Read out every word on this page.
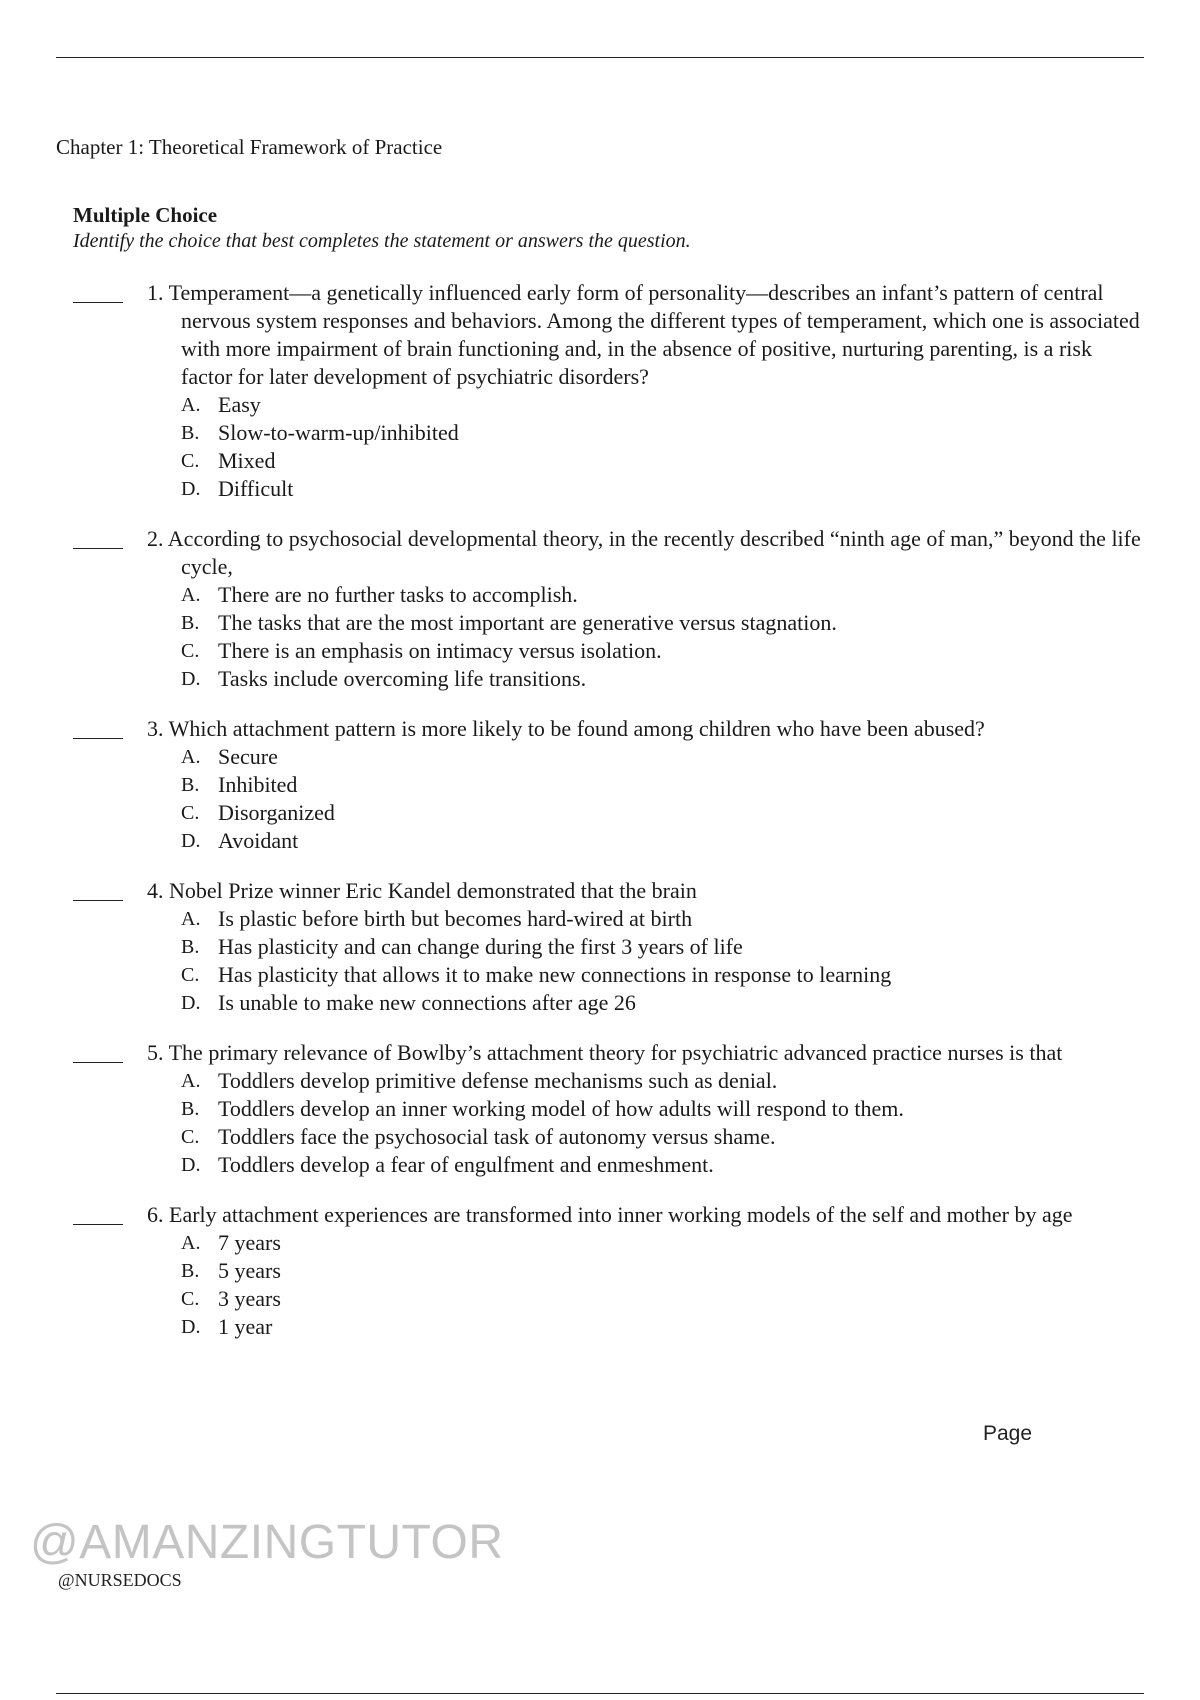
Chapter 1: Theoretical Framework of Practice
Multiple Choice
Identify the choice that best completes the statement or answers the question.
1. Temperament—a genetically influenced early form of personality—describes an infant’s pattern of central nervous system responses and behaviors. Among the different types of temperament, which one is associated with more impairment of brain functioning and, in the absence of positive, nurturing parenting, is a risk factor for later development of psychiatric disorders?
A. Easy
B. Slow-to-warm-up/inhibited
C. Mixed
D. Difficult
2. According to psychosocial developmental theory, in the recently described “ninth age of man,” beyond the life cycle,
A. There are no further tasks to accomplish.
B. The tasks that are the most important are generative versus stagnation.
C. There is an emphasis on intimacy versus isolation.
D. Tasks include overcoming life transitions.
3. Which attachment pattern is more likely to be found among children who have been abused?
A. Secure
B. Inhibited
C. Disorganized
D. Avoidant
4. Nobel Prize winner Eric Kandel demonstrated that the brain
A. Is plastic before birth but becomes hard-wired at birth
B. Has plasticity and can change during the first 3 years of life
C. Has plasticity that allows it to make new connections in response to learning
D. Is unable to make new connections after age 26
5. The primary relevance of Bowlby’s attachment theory for psychiatric advanced practice nurses is that
A. Toddlers develop primitive defense mechanisms such as denial.
B. Toddlers develop an inner working model of how adults will respond to them.
C. Toddlers face the psychosocial task of autonomy versus shame.
D. Toddlers develop a fear of engulfment and enmeshment.
6. Early attachment experiences are transformed into inner working models of the self and mother by age
A. 7 years
B. 5 years
C. 3 years
D. 1 year
Page
@AMANZINGTUTOR
@NURSEDOCS
